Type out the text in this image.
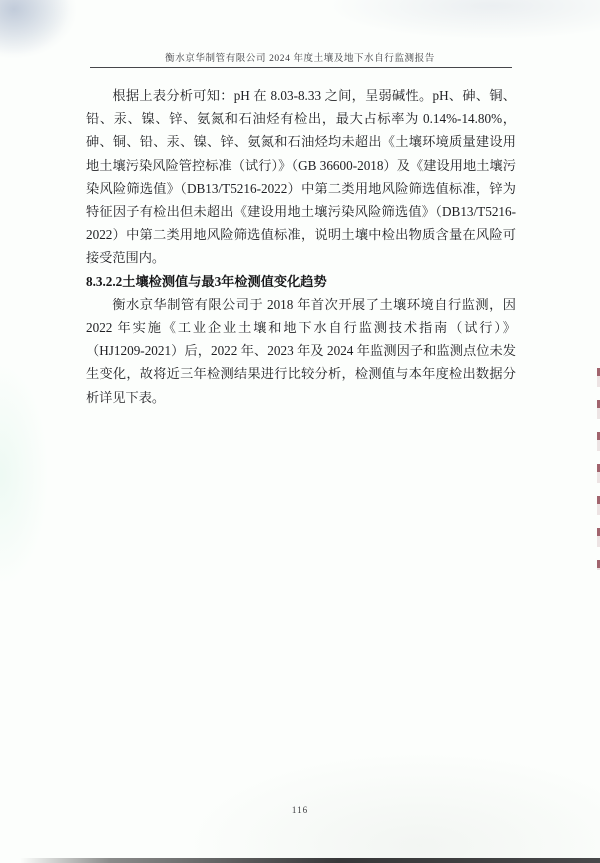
衡水京华制管有限公司 2024 年度土壤及地下水自行监测报告

根据上表分析可知：pH 在 8.03-8.33 之间，呈弱碱性。pH、砷、铜、铅、汞、镍、锌、氨氮和石油烃有检出，最大占标率为 0.14%-14.80%，砷、铜、铅、汞、镍、锌、氨氮和石油烃均未超出《土壤环境质量建设用地土壤污染风险管控标准（试行）》（GB 36600-2018）及《建设用地土壤污染风险筛选值》（DB13/T5216-2022）中第二类用地风险筛选值标准，锌为特征因子有检出但未超出《建设用地土壤污染风险筛选值》（DB13/T5216-2022）中第二类用地风险筛选值标准，说明土壤中检出物质含量在风险可接受范围内。

8.3.2.2土壤检测值与最3年检测值变化趋势

衡水京华制管有限公司于 2018 年首次开展了土壤环境自行监测，因 2022 年实施《工业企业土壤和地下水自行监测技术指南（试行）》（HJ1209-2021）后，2022 年、2023 年及 2024 年监测因子和监测点位未发生变化，故将近三年检测结果进行比较分析，检测值与本年度检出数据分析详见下表。

116
